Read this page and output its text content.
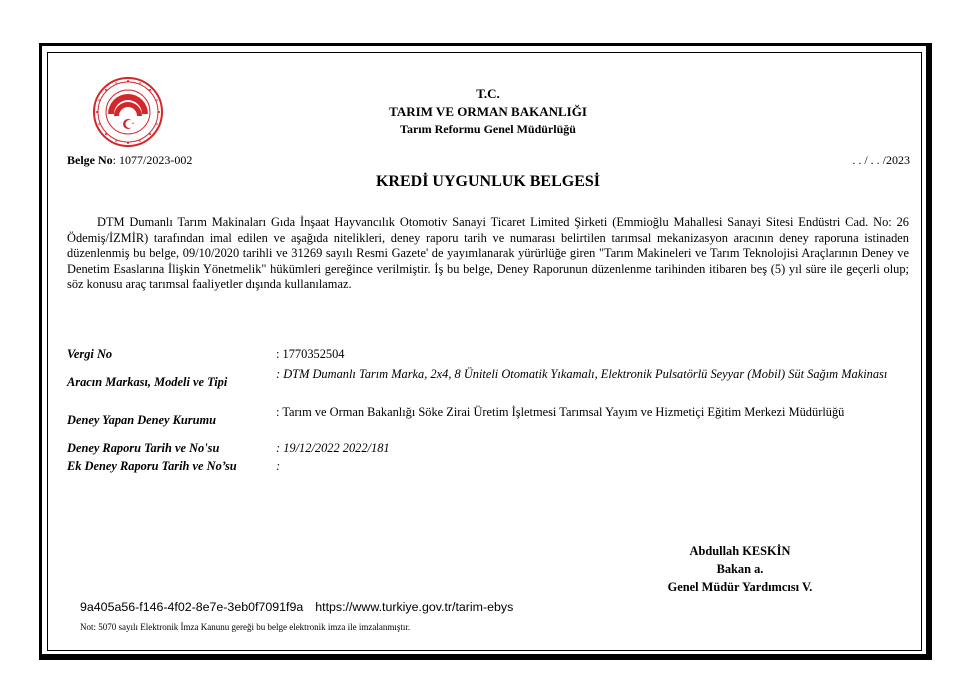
T.C.
TARIM VE ORMAN BAKANLIĞI
Tarım Reformu Genel Müdürlüğü
Belge No: 1077/2023-002	. . / . . /2023
KREDİ UYGUNLUK BELGESİ
DTM Dumanlı Tarım Makinaları Gıda İnşaat Hayvancılık Otomotiv Sanayi Ticaret Limited Şirketi (Emmioğlu Mahallesi Sanayi Sitesi Endüstri Cad. No: 26 Ödemiş/İZMİR) tarafından imal edilen ve aşağıda nitelikleri, deney raporu tarih ve numarası belirtilen tarımsal mekanizasyon aracının deney raporuna istinaden düzenlenmiş bu belge, 09/10/2020 tarihli ve 31269 sayılı Resmi Gazete' de yayımlanarak yürürlüğe giren "Tarım Makineleri ve Tarım Teknolojisi Araçlarının Deney ve Denetim Esaslarına İlişkin Yönetmelik" hükümleri gereğince verilmiştir. İş bu belge, Deney Raporunun düzenlenme tarihinden itibaren beş (5) yıl süre ile geçerli olup; söz konusu araç tarımsal faaliyetler dışında kullanılamaz.
Vergi No	: 1770352504
Aracın Markası, Modeli ve Tipi
: DTM Dumanlı Tarım Marka, 2x4, 8 Üniteli Otomatik Yıkamalı, Elektronik Pulsatörlü Seyyar (Mobil) Süt Sağım Makinası
Deney Yapan Deney Kurumu
: Tarım ve Orman Bakanlığı Söke Zirai Üretim İşletmesi Tarımsal Yayım ve Hizmetiçi Eğitim Merkezi Müdürlüğü
Deney Raporu Tarih ve No'su	: 19/12/2022 2022/181
Ek Deney Raporu Tarih ve No’su	:
Abdullah KESKİN
Bakan a.
Genel Müdür Yardımcısı V.
9a405a56-f146-4f02-8e7e-3eb0f7091f9a https://www.turkiye.gov.tr/tarim-ebys
Not: 5070 sayılı Elektronik İmza Kanunu gereği bu belge elektronik imza ile imzalanmıştır.
